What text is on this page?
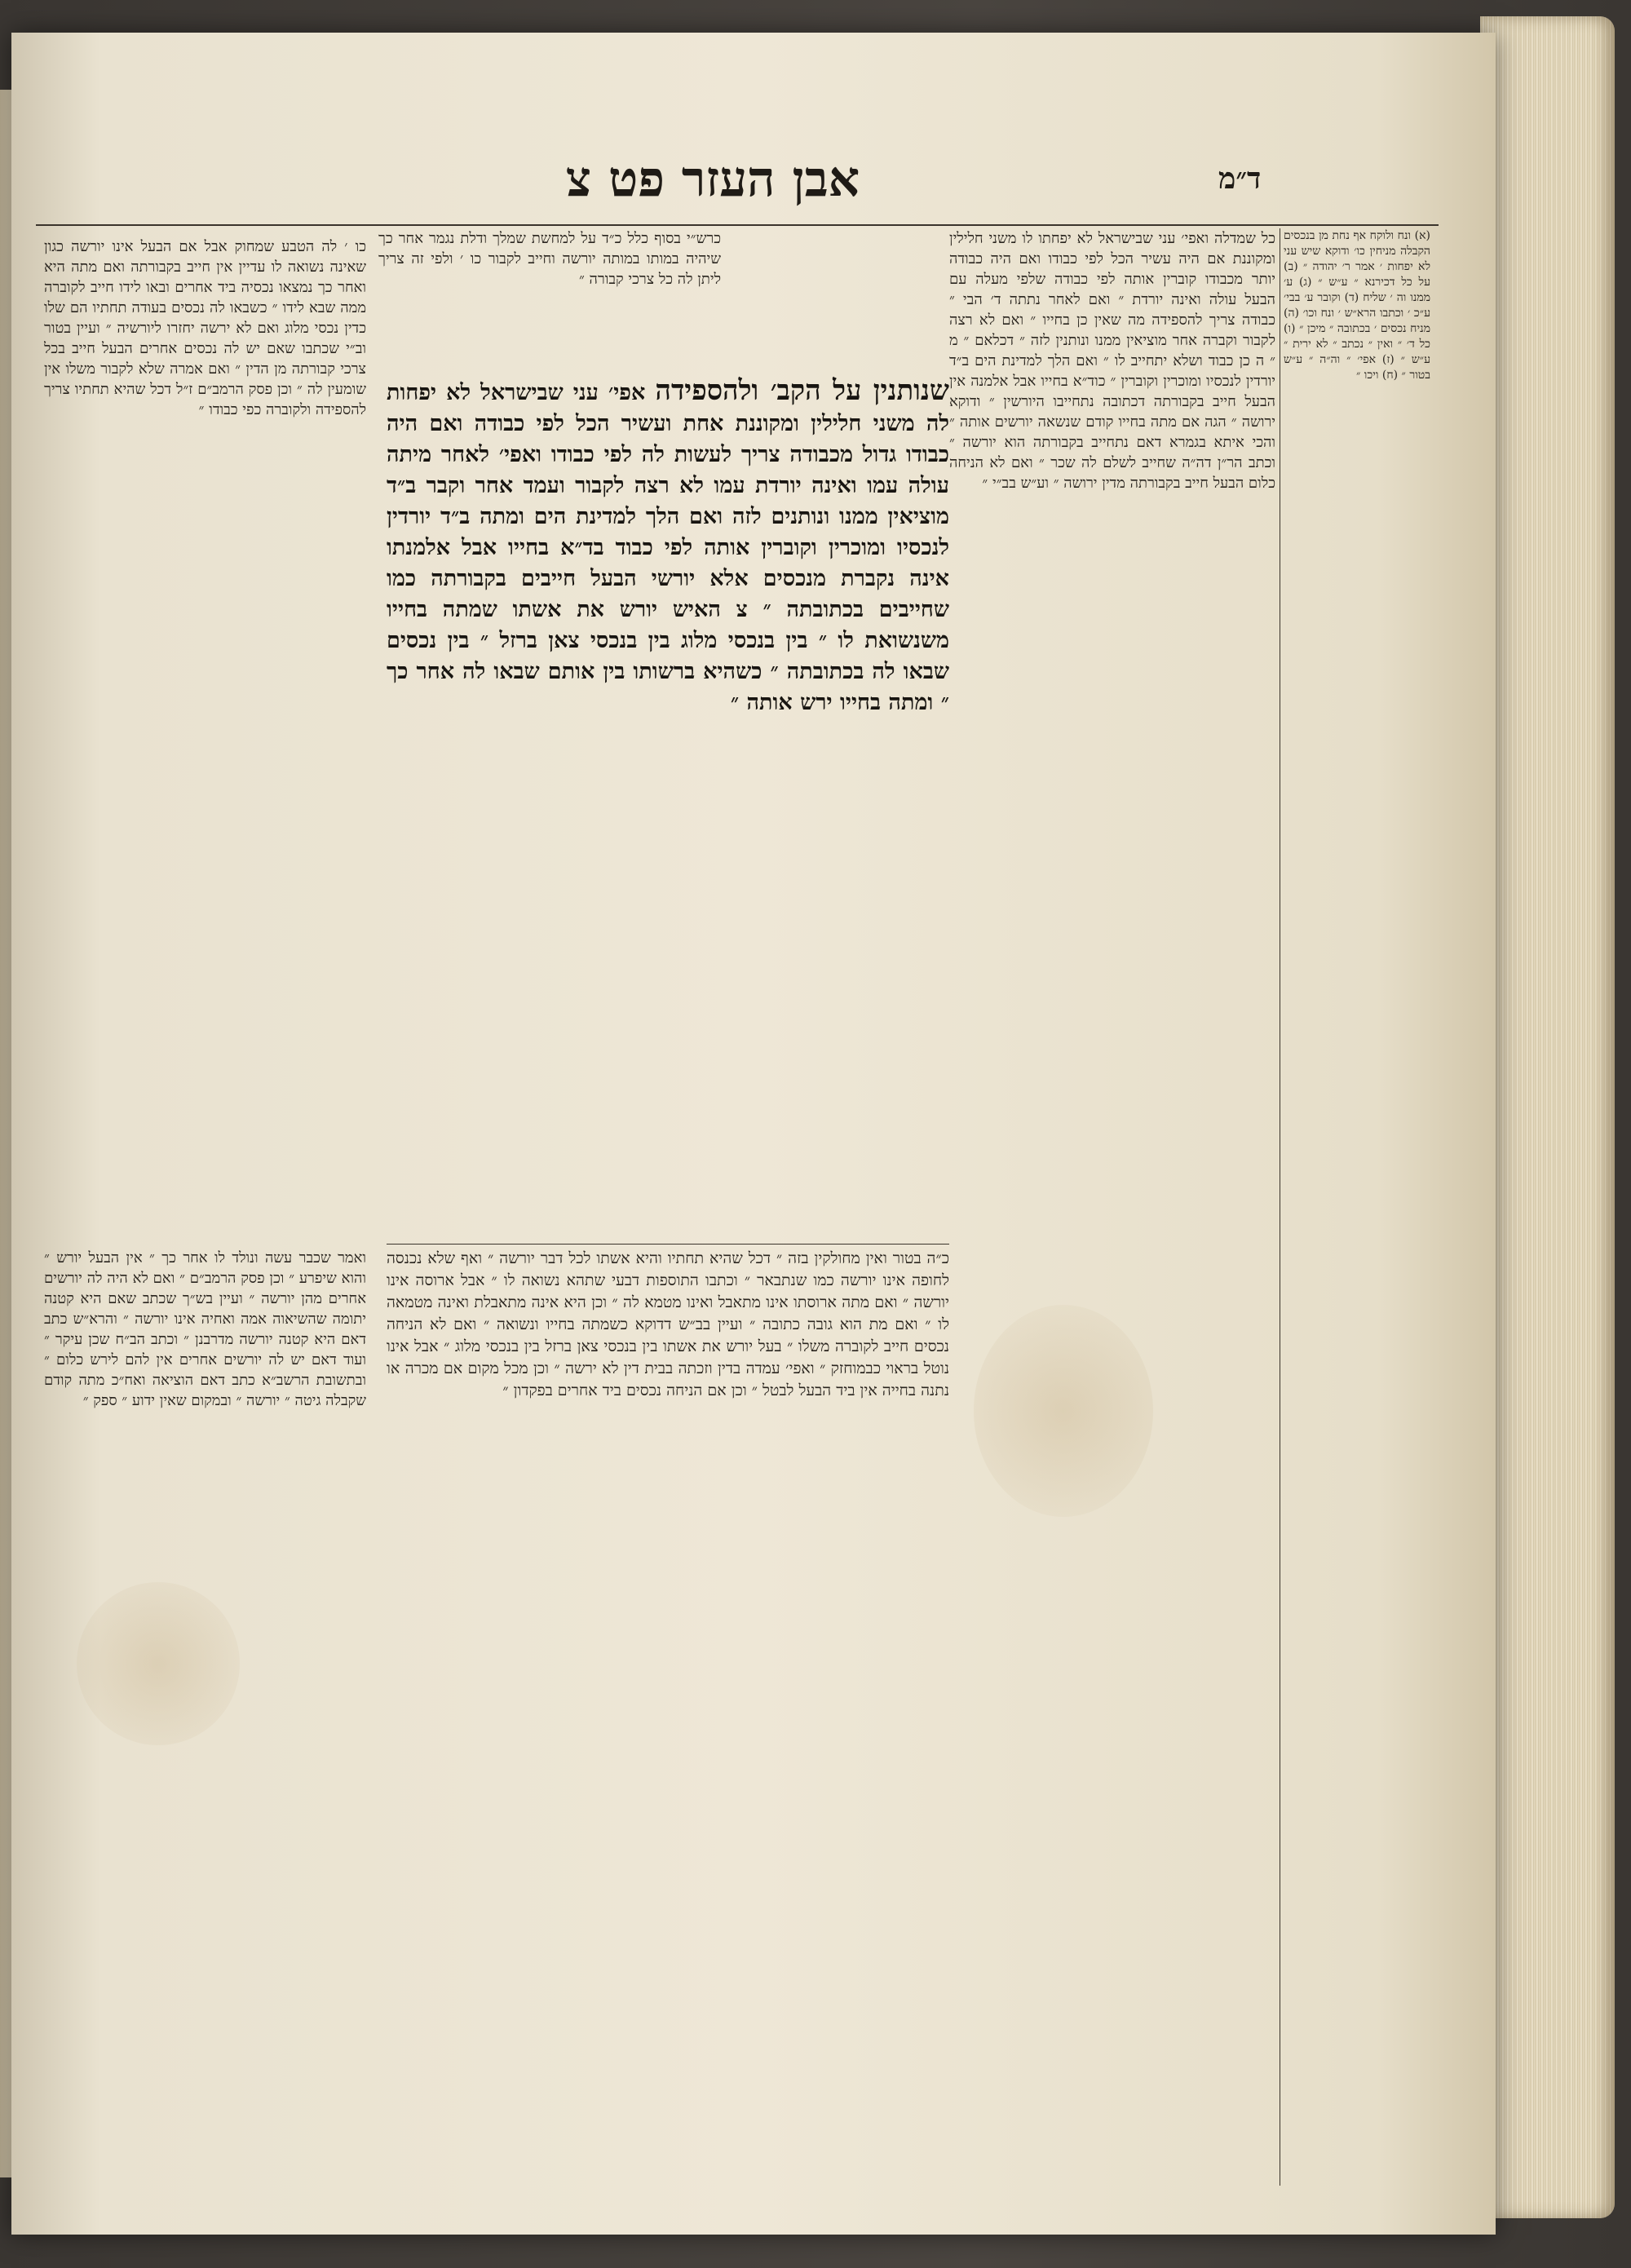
אבן העזר פט צ	ד״מ

(א) ונח ולוקח אף נחת מן בנכסים הקבלה מניחין כו׳ ודוקא שיש עני לא יפחות ׳ אמר ר׳ יהודה ״ (ב) על כל דכירנא ״ ע״ש ״ (ג) ע׳ ממנו וה ׳ שליח (ד) וקובר ע׳ בבי׳ ע״כ ׳ וכתבו הרא״ש ׳ ונח וכו׳ (ה) מניח נכסים ׳ בכתובה ״ מיכן ״ (ו) כל ד׳ ״ ואין ״ נכתב ״ לא ירית ״ ע״ש ״ (ז) אפי׳ ״ וה״ה ״ ע״ש בטור ״ (ח) ויכו ״

כל שמדלה ואפי׳ עני שבישראל לא יפחתו לו משני חלילין ומקוננת אם היה עשיר הכל לפי כבודו ואם היה כבודה יותר מכבודו קוברין אותה לפי כבודה שלפי מעלה עם הבעל עולה ואינה יורדת ״ ואם לאחר נתתה ד׳ הבי ״ כבודה צריך להספידה מה שאין כן בחייו ״ ואם לא רצה לקבור וקברה אחר מוציאין ממנו ונותנין לזה ״ דכלאם ״ מ ״ ה כן כבוד ושלא יתחייב לו ״ ואם הלך למדינת הים ב״ד יורדין לנכסיו ומוכרין וקוברין ״ כוד״א בחייו אבל אלמנה אין הבעל חייב בקבורתה דכתובה נתחייבו היורשין ״ ודוקא ירושה ״ הגה אם מתה בחייו קודם שנשאה יורשים אותה ״ והכי איתא בגמרא דאם נתחייב בקבורתה הוא יורשה ״ וכתב הר״ן דה״ה שחייב לשלם לה שכר ״ ואם לא הניחה כלום הבעל חייב בקבורתה מדין ירושה ״ וע״ש בב״י ״

כרש״י בסוף כלל כ״ד על למחשת שמלך ודלת נגמר אחר כך שיהיה במותו במותה יורשה וחייב לקבור כו ׳ ולפי זה צריך ליתן לה כל צרכי קבורה ״

שנותנין על הקב׳ ולהספידה אפי׳ עני שבישראל לא יפחות לה משני חלילין ומקוננת אחת ועשיר הכל לפי כבודה ואם היה כבודו גדול מכבודה צריך לעשות לה לפי כבודו ואפי׳ לאחר מיתה עולה עמו ואינה יורדת עמו לא רצה לקבור ועמד אחר וקבר ב״ד מוציאין ממנו ונותנים לזה ואם הלך למדינת הים ומתה ב״ד יורדין לנכסיו ומוכרין וקוברין אותה לפי כבוד בד״א בחייו אבל אלמנתו אינה נקברת מנכסים אלא יורשי הבעל חייבים בקבורתה כמו שחייבים בכתובתה ״ צ האיש יורש את אשתו שמתה בחייו משנשואת לו ״ בין בנכסי מלוג בין בנכסי צאן ברזל ״ בין נכסים שבאו לה בכתובתה ״ כשהיא ברשותו בין אותם שבאו לה אחר כך ״ ומתה בחייו ירש אותה ״

כ״ה בטור ואין מחולקין בזה ״ דכל שהיא תחתיו והיא אשתו לכל דבר יורשה ״ ואף שלא נכנסה לחופה אינו יורשה כמו שנתבאר ״ וכתבו התוספות דבעי שתהא נשואה לו ״ אבל ארוסה אינו יורשה ״ ואם מתה ארוסתו אינו מתאבל ואינו מטמא לה ״ וכן היא אינה מתאבלת ואינה מטמאה לו ״ ואם מת הוא גובה כתובה ״ ועיין בב״ש דדוקא כשמתה בחייו ונשואה ״ ואם לא הניחה נכסים חייב לקוברה משלו ״ בעל יורש את אשתו בין בנכסי צאן ברזל בין בנכסי מלוג ״ אבל אינו נוטל בראוי כבמוחזק ״ ואפי׳ עמדה בדין וזכתה בבית דין לא ירשה ״ וכן מכל מקום אם מכרה או נתנה בחייה אין ביד הבעל לבטל ״ וכן אם הניחה נכסים ביד אחרים בפקדון ״

כו ׳ לה הטבע שמחוק אבל אם הבעל אינו יורשה כגון שאינה נשואה לו עדיין אין חייב בקבורתה ואם מתה היא ואחר כך נמצאו נכסיה ביד אחרים ובאו לידו חייב לקוברה ממה שבא לידו ״ כשבאו לה נכסים בעודה תחתיו הם שלו כדין נכסי מלוג ואם לא ירשה יחזרו ליורשיה ״ ועיין בטור וב״י שכתבו שאם יש לה נכסים אחרים הבעל חייב בכל צרכי קבורתה מן הדין ״ ואם אמרה שלא לקבור משלו אין שומעין לה ״ וכן פסק הרמב״ם ז״ל דכל שהיא תחתיו צריך להספידה ולקוברה כפי כבודו ״

ואמר שכבר עשה ונולד לו אחר כך ״ אין הבעל יורש ״ והוא שיפרע ״ וכן פסק הרמב״ם ״ ואם לא היה לה יורשים אחרים מהן יורשה ״ ועיין בש״ך שכתב שאם היא קטנה יתומה שהשיאוה אמה ואחיה אינו יורשה ״ והרא״ש כתב דאם היא קטנה יורשה מדרבנן ״ וכתב הב״ח שכן עיקר ״ ועוד דאם יש לה יורשים אחרים אין להם לירש כלום ״ ובתשובת הרשב״א כתב דאם הוציאה ואח״כ מתה קודם שקבלה גיטה ״ יורשה ״ ובמקום שאין ידוע ״ ספק ״
